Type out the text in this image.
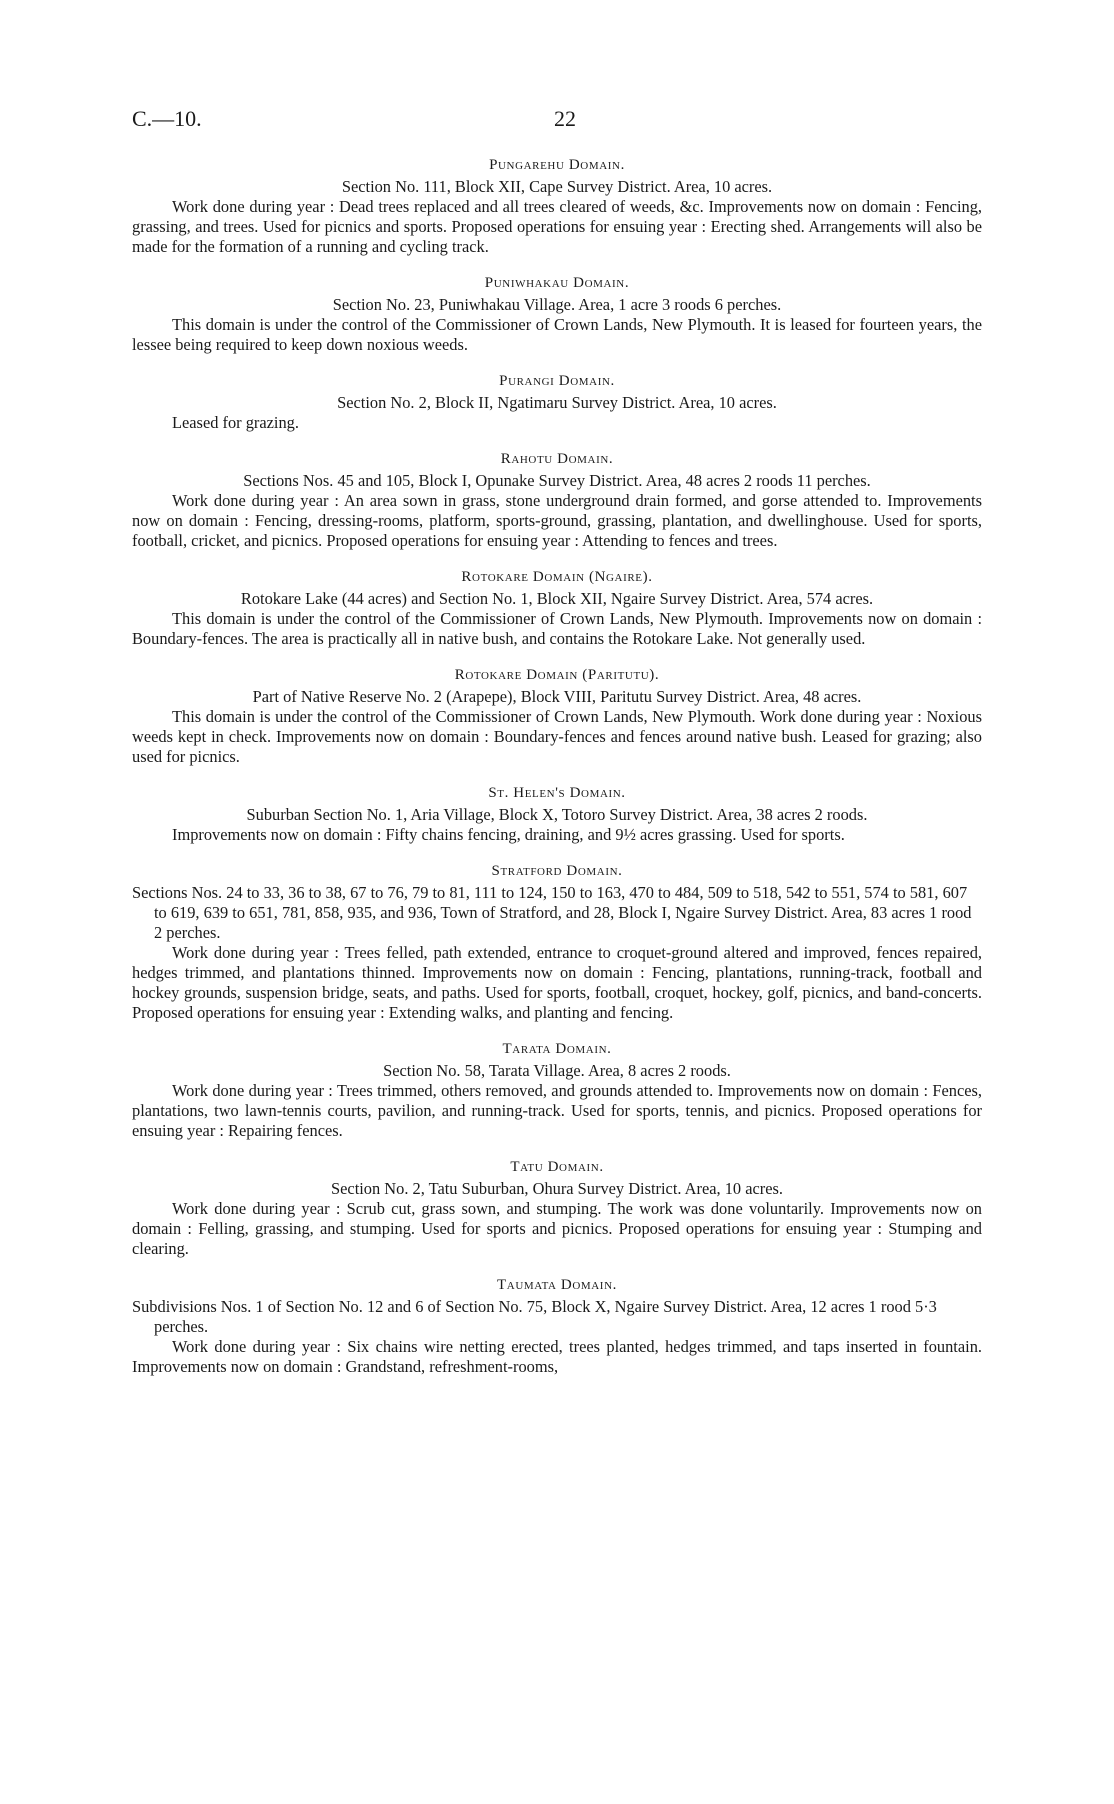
C.—10.	22
Pungarehu Domain.

Section No. 111, Block XII, Cape Survey District. Area, 10 acres.

Work done during year : Dead trees replaced and all trees cleared of weeds, &c. Improvements now on domain : Fencing, grassing, and trees. Used for picnics and sports. Proposed operations for ensuing year : Erecting shed. Arrangements will also be made for the formation of a running and cycling track.

Puniwhakau Domain.

Section No. 23, Puniwhakau Village. Area, 1 acre 3 roods 6 perches.

This domain is under the control of the Commissioner of Crown Lands, New Plymouth. It is leased for fourteen years, the lessee being required to keep down noxious weeds.

Purangi Domain.

Section No. 2, Block II, Ngatimaru Survey District. Area, 10 acres.

Leased for grazing.

Rahotu Domain.

Sections Nos. 45 and 105, Block I, Opunake Survey District. Area, 48 acres 2 roods 11 perches.

Work done during year : An area sown in grass, stone underground drain formed, and gorse attended to. Improvements now on domain : Fencing, dressing-rooms, platform, sports-ground, grassing, plantation, and dwellinghouse. Used for sports, football, cricket, and picnics. Proposed operations for ensuing year : Attending to fences and trees.

Rotokare Domain (Ngaire).

Rotokare Lake (44 acres) and Section No. 1, Block XII, Ngaire Survey District. Area, 574 acres.

This domain is under the control of the Commissioner of Crown Lands, New Plymouth. Improvements now on domain : Boundary-fences. The area is practically all in native bush, and contains the Rotokare Lake. Not generally used.

Rotokare Domain (Paritutu).

Part of Native Reserve No. 2 (Arapepe), Block VIII, Paritutu Survey District. Area, 48 acres.

This domain is under the control of the Commissioner of Crown Lands, New Plymouth. Work done during year : Noxious weeds kept in check. Improvements now on domain : Boundary-fences and fences around native bush. Leased for grazing; also used for picnics.

St. Helen's Domain.

Suburban Section No. 1, Aria Village, Block X, Totoro Survey District. Area, 38 acres 2 roods.

Improvements now on domain : Fifty chains fencing, draining, and 9½ acres grassing. Used for sports.

Stratford Domain.

Sections Nos. 24 to 33, 36 to 38, 67 to 76, 79 to 81, 111 to 124, 150 to 163, 470 to 484, 509 to 518, 542 to 551, 574 to 581, 607 to 619, 639 to 651, 781, 858, 935, and 936, Town of Stratford, and 28, Block I, Ngaire Survey District. Area, 83 acres 1 rood 2 perches.

Work done during year : Trees felled, path extended, entrance to croquet-ground altered and improved, fences repaired, hedges trimmed, and plantations thinned. Improvements now on domain : Fencing, plantations, running-track, football and hockey grounds, suspension bridge, seats, and paths. Used for sports, football, croquet, hockey, golf, picnics, and band-concerts. Proposed operations for ensuing year : Extending walks, and planting and fencing.

Tarata Domain.

Section No. 58, Tarata Village. Area, 8 acres 2 roods.

Work done during year : Trees trimmed, others removed, and grounds attended to. Improvements now on domain : Fences, plantations, two lawn-tennis courts, pavilion, and running-track. Used for sports, tennis, and picnics. Proposed operations for ensuing year : Repairing fences.

Tatu Domain.

Section No. 2, Tatu Suburban, Ohura Survey District. Area, 10 acres.

Work done during year : Scrub cut, grass sown, and stumping. The work was done voluntarily. Improvements now on domain : Felling, grassing, and stumping. Used for sports and picnics. Proposed operations for ensuing year : Stumping and clearing.

Taumata Domain.

Subdivisions Nos. 1 of Section No. 12 and 6 of Section No. 75, Block X, Ngaire Survey District. Area, 12 acres 1 rood 5·3 perches.

Work done during year : Six chains wire netting erected, trees planted, hedges trimmed, and taps inserted in fountain. Improvements now on domain : Grandstand, refreshment-rooms,
